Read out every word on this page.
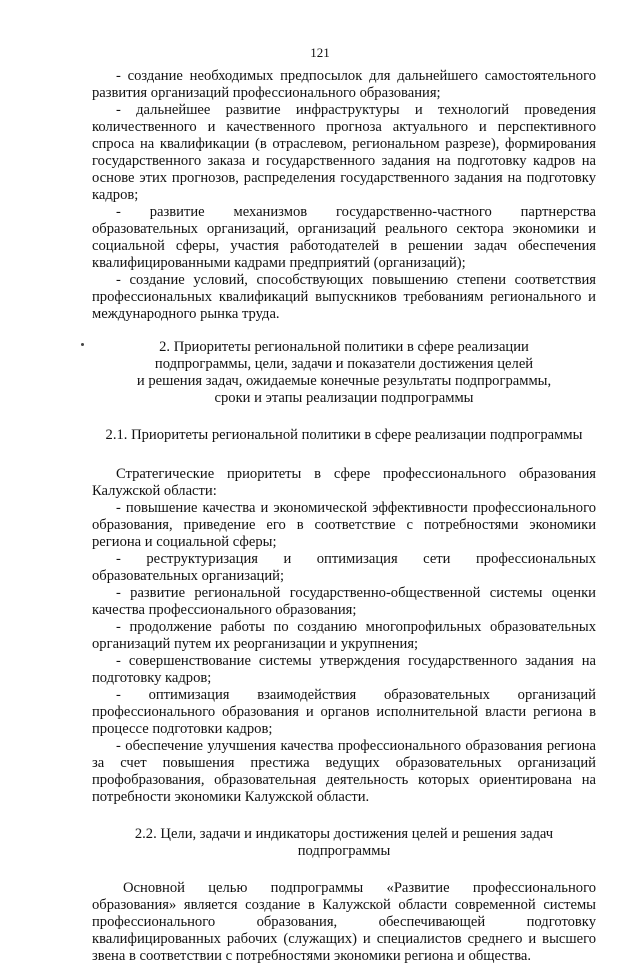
121

- создание необходимых предпосылок для дальнейшего самостоятельного развития организаций профессионального образования;

- дальнейшее развитие инфраструктуры и технологий проведения количественного и качественного прогноза актуального и перспективного спроса на квалификации (в отраслевом, региональном разрезе), формирования государственного заказа и государственного задания на подготовку кадров на основе этих прогнозов, распределения государственного задания на подготовку кадров;

- развитие механизмов государственно-частного партнерства образовательных организаций, организаций реального сектора экономики и социальной сферы, участия работодателей в решении задач обеспечения квалифицированными кадрами предприятий (организаций);

- создание условий, способствующих повышению степени соответствия профессиональных квалификаций выпускников требованиям регионального и международного рынка труда.

2. Приоритеты региональной политики в сфере реализации
подпрограммы, цели, задачи и показатели достижения целей
и решения задач, ожидаемые конечные результаты подпрограммы,
сроки и этапы реализации подпрограммы
2.1. Приоритеты региональной политики в сфере реализации подпрограммы

Стратегические приоритеты в сфере профессионального образования Калужской области:

- повышение качества и экономической эффективности профессионального образования, приведение его в соответствие с потребностями экономики региона и социальной сферы;

- реструктуризация и оптимизация сети профессиональных образовательных организаций;

- развитие региональной государственно-общественной системы оценки качества профессионального образования;

- продолжение работы по созданию многопрофильных образовательных организаций путем их реорганизации и укрупнения;

- совершенствование системы утверждения государственного задания на подготовку кадров;

- оптимизация взаимодействия образовательных организаций профессионального образования и органов исполнительной власти региона в процессе подготовки кадров;

- обеспечение улучшения качества профессионального образования региона за счет повышения престижа ведущих образовательных организаций профобразования, образовательная деятельность которых ориентирована на потребности экономики Калужской области.

2.2. Цели, задачи и индикаторы достижения целей и решения задач подпрограммы

Основной целью подпрограммы «Развитие профессионального образования» является создание в Калужской области современной системы профессионального образования, обеспечивающей подготовку квалифицированных рабочих (служащих) и специалистов среднего и высшего звена в соответствии с потребностями экономики региона и общества.
